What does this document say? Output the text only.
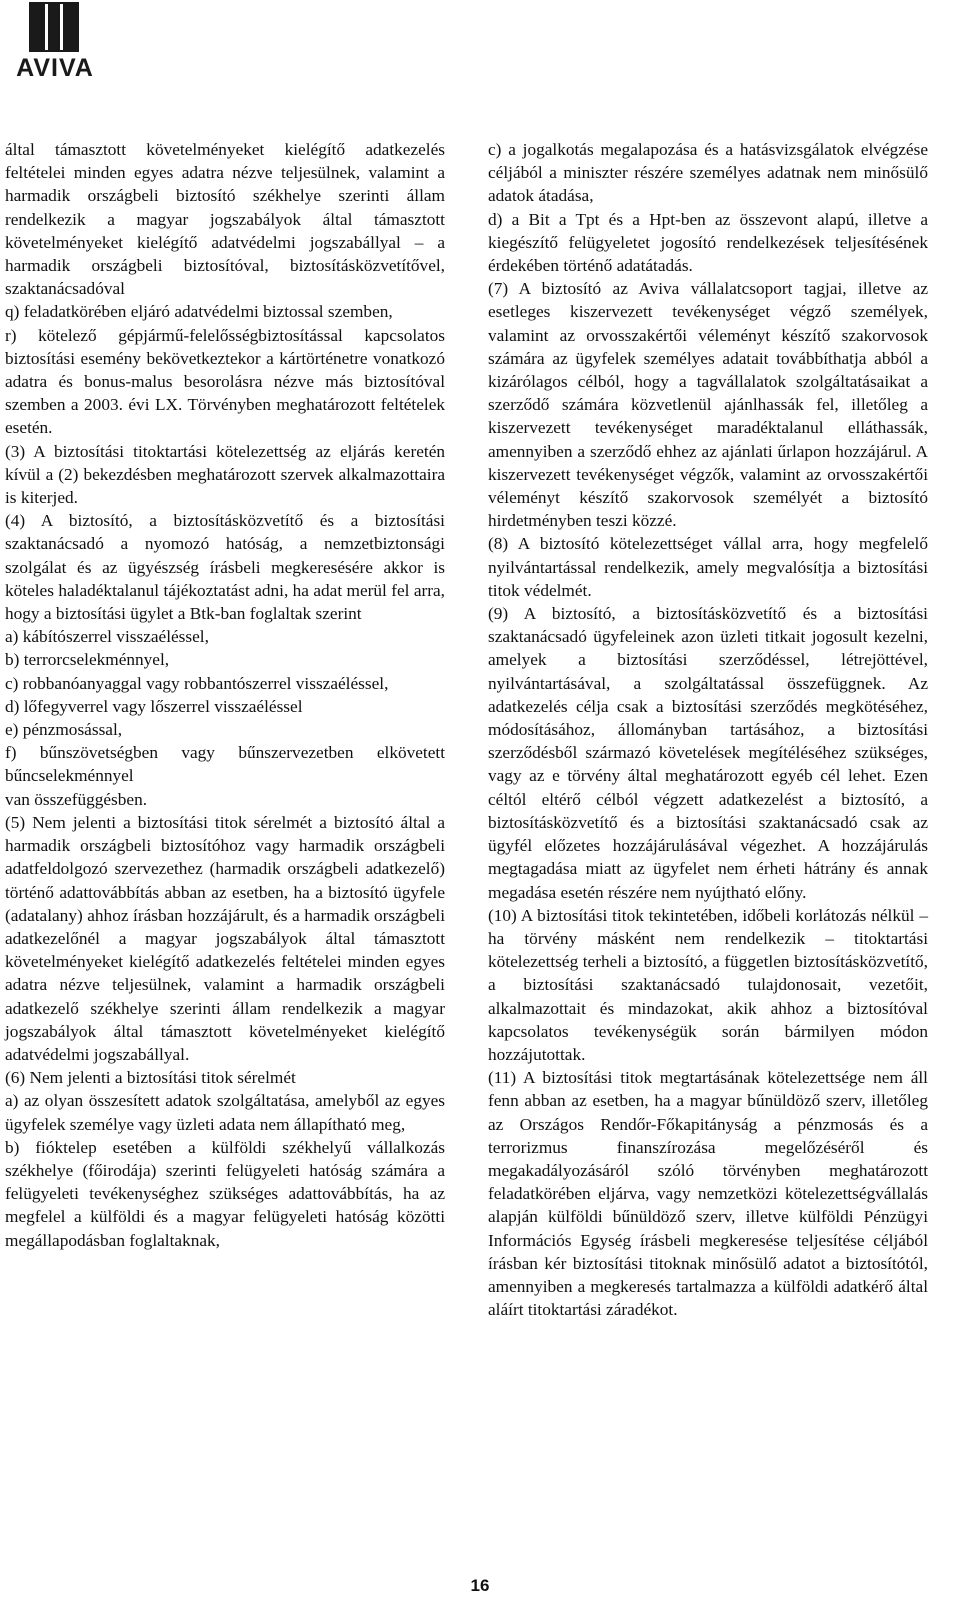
AVIVA

által támasztott követelményeket kielégítő adatkezelés feltételei minden egyes adatra nézve teljesülnek, valamint a harmadik országbeli biztosító székhelye szerinti állam rendelkezik a magyar jogszabályok által támasztott követelményeket kielégítő adatvédelmi jogszabállyal – a harmadik országbeli biztosítóval, biztosításközvetítővel, szaktanácsadóval

q) feladatkörében eljáró adatvédelmi biztossal szemben,

r) kötelező gépjármű-felelősségbiztosítással kapcsolatos biztosítási esemény bekövetkeztekor a kártörténetre vonatkozó adatra és bonus-malus besorolásra nézve más biztosítóval szemben a 2003. évi LX. Törvényben meghatározott feltételek esetén.

(3) A biztosítási titoktartási kötelezettség az eljárás keretén kívül a (2) bekezdésben meghatározott szervek alkalmazottaira is kiterjed.

(4) A biztosító, a biztosításközvetítő és a biztosítási szaktanácsadó a nyomozó hatóság, a nemzetbiztonsági szolgálat és az ügyészség írásbeli megkeresésére akkor is köteles haladéktalanul tájékoztatást adni, ha adat merül fel arra, hogy a biztosítási ügylet a Btk-ban foglaltak szerint

a) kábítószerrel visszaéléssel,

b) terrorcselekménnyel,

c) robbanóanyaggal vagy robbantószerrel visszaéléssel,

d) lőfegyverrel vagy lőszerrel visszaéléssel

e) pénzmosással,

f) bűnszövetségben vagy bűnszervezetben elkövetett bűncselekménnyel

van összefüggésben.

(5) Nem jelenti a biztosítási titok sérelmét a biztosító által a harmadik országbeli biztosítóhoz vagy harmadik országbeli adatfeldolgozó szervezethez (harmadik országbeli adatkezelő) történő adattovábbítás abban az esetben, ha a biztosító ügyfele (adatalany) ahhoz írásban hozzájárult, és a harmadik országbeli adatkezelőnél a magyar jogszabályok által támasztott követelményeket kielégítő adatkezelés feltételei minden egyes adatra nézve teljesülnek, valamint a harmadik országbeli adatkezelő székhelye szerinti állam rendelkezik a magyar jogszabályok által támasztott követelményeket kielégítő adatvédelmi jogszabállyal.

(6) Nem jelenti a biztosítási titok sérelmét

a) az olyan összesített adatok szolgáltatása, amelyből az egyes ügyfelek személye vagy üzleti adata nem állapítható meg,

b) fióktelep esetében a külföldi székhelyű vállalkozás székhelye (főirodája) szerinti felügyeleti hatóság számára a felügyeleti tevékenységhez szükséges adattovábbítás, ha az megfelel a külföldi és a magyar felügyeleti hatóság közötti megállapodásban foglaltaknak,

c) a jogalkotás megalapozása és a hatásvizsgálatok elvégzése céljából a miniszter részére személyes adatnak nem minősülő adatok átadása,

d) a Bit a Tpt és a Hpt-ben az összevont alapú, illetve a kiegészítő felügyeletet jogosító rendelkezések teljesítésének érdekében történő adatátadás.

(7) A biztosító az Aviva vállalatcsoport tagjai, illetve az esetleges kiszervezett tevékenységet végző személyek, valamint az orvosszakértői véleményt készítő szakorvosok számára az ügyfelek személyes adatait továbbíthatja abból a kizárólagos célból, hogy a tagvállalatok szolgáltatásaikat a szerződő számára közvetlenül ajánlhassák fel, illetőleg a kiszervezett tevékenységet maradéktalanul elláthassák, amennyiben a szerződő ehhez az ajánlati űrlapon hozzájárul. A kiszervezett tevékenységet végzők, valamint az orvosszakértői véleményt készítő szakorvosok személyét a biztosító hirdetményben teszi közzé.

(8) A biztosító kötelezettséget vállal arra, hogy megfelelő nyilvántartással rendelkezik, amely megvalósítja a biztosítási titok védelmét.

(9) A biztosító, a biztosításközvetítő és a biztosítási szaktanácsadó ügyfeleinek azon üzleti titkait jogosult kezelni, amelyek a biztosítási szerződéssel, létrejöttével, nyilvántartásával, a szolgáltatással összefüggnek. Az adatkezelés célja csak a biztosítási szerződés megkötéséhez, módosításához, állományban tartásához, a biztosítási szerződésből származó követelések megítéléséhez szükséges, vagy az e törvény által meghatározott egyéb cél lehet. Ezen céltól eltérő célból végzett adatkezelést a biztosító, a biztosításközvetítő és a biztosítási szaktanácsadó csak az ügyfél előzetes hozzájárulásával végezhet. A hozzájárulás megtagadása miatt az ügyfelet nem érheti hátrány és annak megadása esetén részére nem nyújtható előny.

(10) A biztosítási titok tekintetében, időbeli korlátozás nélkül – ha törvény másként nem rendelkezik – titoktartási kötelezettség terheli a biztosító, a független biztosításközvetítő, a biztosítási szaktanácsadó tulajdonosait, vezetőit, alkalmazottait és mindazokat, akik ahhoz a biztosítóval kapcsolatos tevékenységük során bármilyen módon hozzájutottak.

(11) A biztosítási titok megtartásának kötelezettsége nem áll fenn abban az esetben, ha a magyar bűnüldöző szerv, illetőleg az Országos Rendőr-Főkapitányság a pénzmosás és a terrorizmus finanszírozása megelőzéséről és megakadályozásáról szóló törvényben meghatározott feladatkörében eljárva, vagy nemzetközi kötelezettségvállalás alapján külföldi bűnüldöző szerv, illetve külföldi Pénzügyi Információs Egység írásbeli megkeresése teljesítése céljából írásban kér biztosítási titoknak minősülő adatot a biztosítótól, amennyiben a megkeresés tartalmazza a külföldi adatkérő által aláírt titoktartási záradékot.

16
